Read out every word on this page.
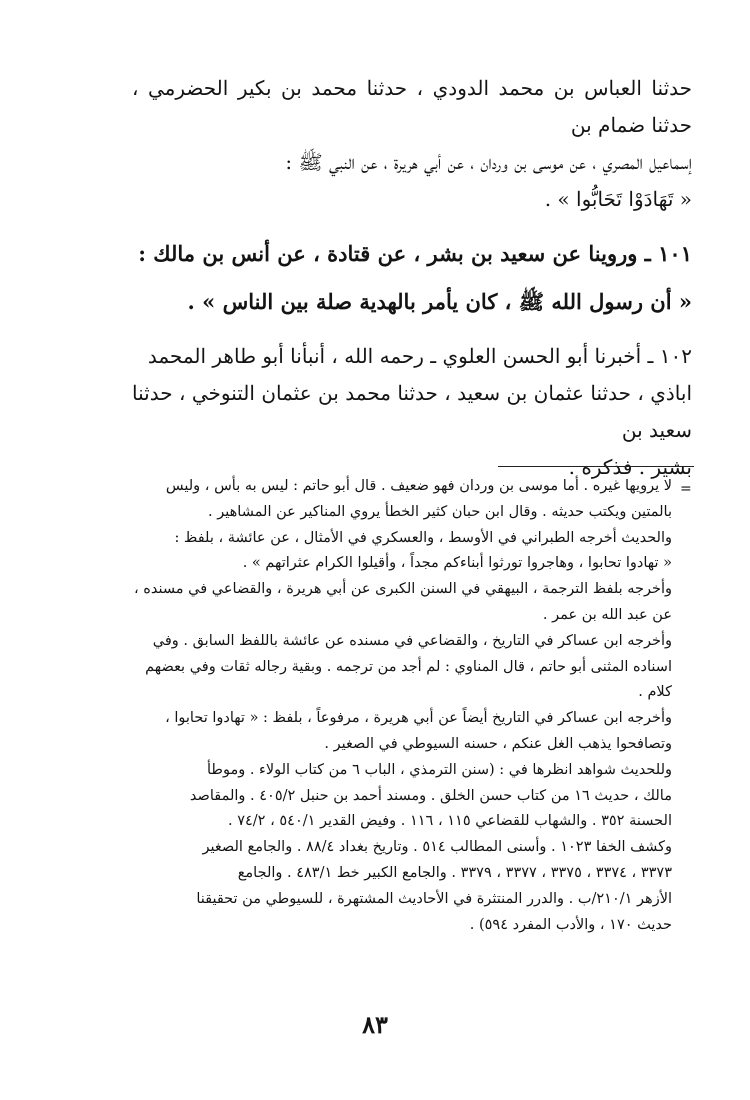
حدثنا العباس بن محمد الدودي ، حدثنا محمد بن بكير الحضرمي ، حدثنا ضمام بن

إسماعيل المصري ، عن موسى بن وردان ، عن أبي هريرة ، عن النبي ﷺ :

« تَهَادَوْا تَحَابُّوا » .

١٠١ ـ وروينا عن سعيد بن بشر ، عن قتادة ، عن أنس بن مالك :

« أن رسول الله ﷺ ، كان يأمر بالهدية صلة بين الناس » .

١٠٢ ـ أخبرنا أبو الحسن العلوي ـ رحمه الله ، أنبأنا أبو طاهر المحمد

اباذي ، حدثنا عثمان بن سعيد ، حدثنا محمد بن عثمان التنوخي ، حدثنا سعيد بن

بشير . فذكره .

=

لا يرويها غيره . أما موسى بن وردان فهو ضعيف . قال أبو حاتم : ليس به بأس ، وليس

بالمتين ويكتب حديثه . وقال ابن حبان كثير الخطأ يروي المناكير عن المشاهير .

والحديث أخرجه الطبراني في الأوسط ، والعسكري في الأمثال ، عن عائشة ، بلفظ :

« تهادوا تحابوا ، وهاجروا تورثوا أبناءكم مجداً ، وأقيلوا الكرام عثراتهم » .

وأخرجه بلفظ الترجمة ، البيهقي في السنن الكبرى عن أبي هريرة ، والقضاعي في مسنده ،

عن عبد الله بن عمر .

وأخرجه ابن عساكر في التاريخ ، والقضاعي في مسنده عن عائشة باللفظ السابق . وفي

اسناده المثنى أبو حاتم ، قال المناوي : لم أجد من ترجمه . وبقية رجاله ثقات وفي بعضهم

كلام .

وأخرجه ابن عساكر في التاريخ أيضاً عن أبي هريرة ، مرفوعاً ، بلفظ : « تهادوا تحابوا ،

وتصافحوا يذهب الغل عنكم ، حسنه السيوطي في الصغير .

وللحديث شواهد انظرها في : (سنن الترمذي ، الباب ٦ من كتاب الولاء . وموطأ

مالك ، حديث ١٦ من كتاب حسن الخلق . ومسند أحمد بن حنبل ٤٠٥/٢ . والمقاصد

الحسنة ٣٥٢ . والشهاب للقضاعي ١١٥ ، ١١٦ . وفيض القدير ٥٤٠/١ ، ٧٤/٢ .

وكشف الخفا ١٠٢٣ . وأسنى المطالب ٥١٤ . وتاريخ بغداد ٨٨/٤ . والجامع الصغير

٣٣٧٣ ، ٣٣٧٤ ، ٣٣٧٥ ، ٣٣٧٧ ، ٣٣٧٩ . والجامع الكبير خط ٤٨٣/١ . والجامع

الأزهر ٢١٠/١/ب . والدرر المنتثرة في الأحاديث المشتهرة ، للسيوطي من تحقيقنا

حديث ١٧٠ ، والأدب المفرد ٥٩٤) .

٨٣
